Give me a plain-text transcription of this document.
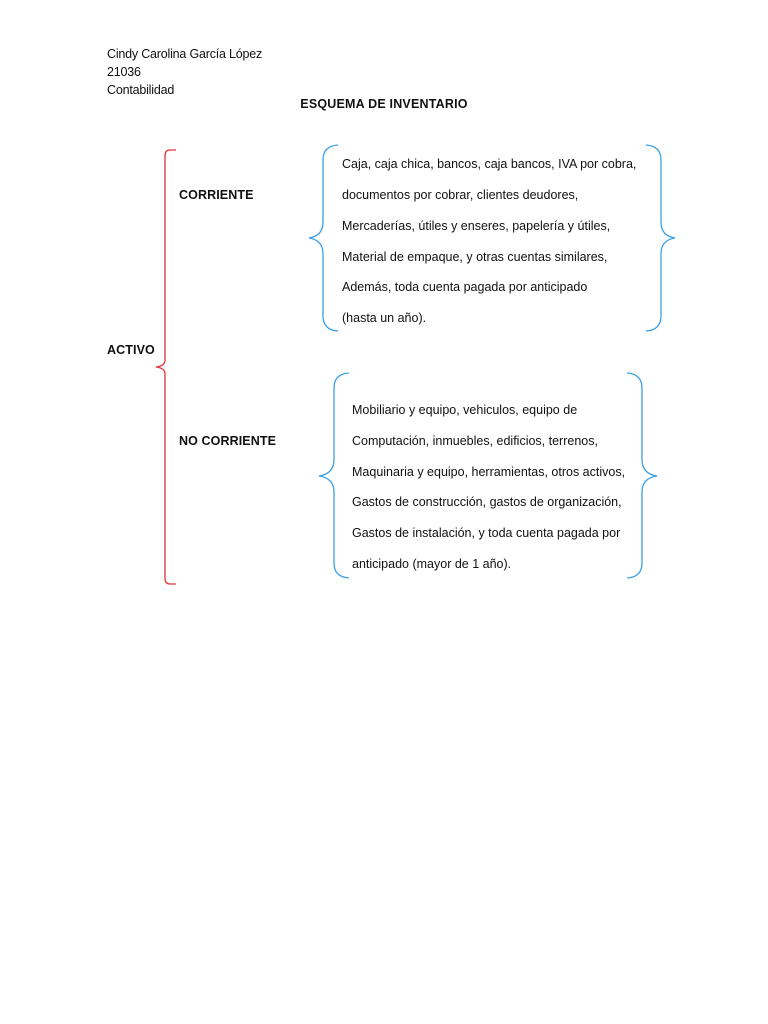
Cindy Carolina García López
21036
Contabilidad
ESQUEMA DE INVENTARIO
ACTIVO
CORRIENTE
Caja, caja chica, bancos, caja bancos, IVA por cobra,
documentos por cobrar, clientes deudores,
Mercaderías, útiles y enseres, papelería y útiles,
Material de empaque, y otras cuentas similares,
Además, toda cuenta pagada por anticipado
(hasta un año).
NO CORRIENTE
Mobiliario y equipo, vehiculos, equipo de
Computación, inmuebles, edificios, terrenos,
Maquinaria y equipo, herramientas, otros activos,
Gastos de construcción, gastos de organización,
Gastos de instalación, y toda cuenta pagada por
anticipado (mayor de 1 año).
